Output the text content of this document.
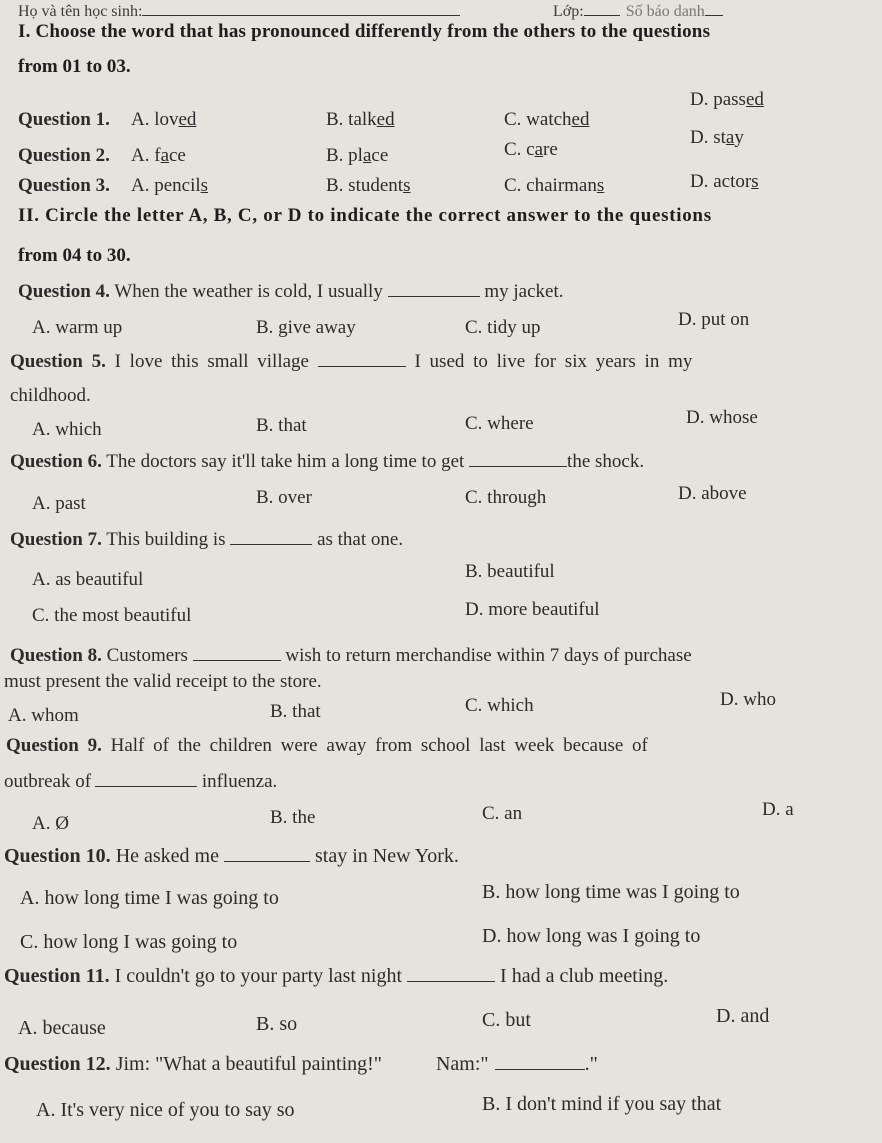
Họ và tên học sinh:	Lớp:	Số báo danh
I. Choose the word that has pronounced differently from the others to the questions
from 01 to 03.
Question 1. A. loved	B. talked	C. watched
D. passed
Question 2. A. face	B. place	C. care
D. stay
Question 3. A. pencils	B. students	C. chairmans	D. actors
II. Circle the letter A, B, C, or D to indicate the correct answer to the questions
from 04 to 30.
Question 4. When the weather is cold, I usually	my jacket.
A. warm up	B. give away	C. tidy up	D. put on
Question 5. I love this small village	I used to live for six years in my
childhood.
A. which	B. that	C. where	D. whose
Question 6. The doctors say it'll take him a long time to get	the shock.
A. past	B. over	C. through	D. above
Question 7. This building is	as that one.
A. as beautiful	B. beautiful
C. the most beautiful	D. more beautiful
Question 8. Customers	wish to return merchandise within 7 days of purchase
must present the valid receipt to the store.
A. whom	B. that	C. which	D. who
Question 9. Half of the children were away from school last week because of
outbreak of	influenza.
A. Ø	B. the	C. an	D. a
Question 10. He asked me	stay in New York.
A. how long time I was going to	B. how long time was I going to
C. how long I was going to	D. how long was I going to
Question 11. I couldn't go to your party last night	I had a club meeting.
A. because	B. so	C. but	D. and
Question 12. Jim: "What a beautiful painting!"	Nam:"	."
A. It's very nice of you to say so	B. I don't mind if you say that
